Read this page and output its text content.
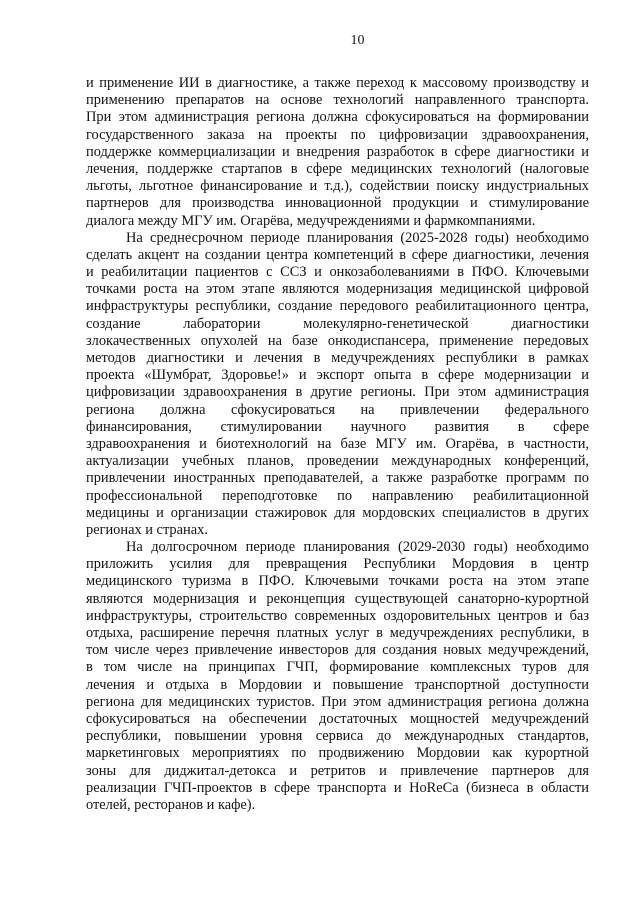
10
и применение ИИ в диагностике, а также переход к массовому производству и
применению препаратов на основе технологий направленного транспорта.
При этом администрация региона должна сфокусироваться на формировании
государственного заказа на проекты по цифровизации здравоохранения,
поддержке коммерциализации и внедрения разработок в сфере диагностики и
лечения, поддержке стартапов в сфере медицинских технологий (налоговые
льготы, льготное финансирование и т.д.), содействии поиску индустриальных
партнеров для производства инновационной продукции и стимулирование
диалога между МГУ им. Огарёва, медучреждениями и фармкомпаниями.
На среднесрочном периоде планирования (2025-2028 годы) необходимо
сделать акцент на создании центра компетенций в сфере диагностики, лечения
и реабилитации пациентов с ССЗ и онкозаболеваниями в ПФО. Ключевыми
точками роста на этом этапе являются модернизация медицинской цифровой
инфраструктуры республики, создание передового реабилитационного центра,
создание лаборатории молекулярно-генетической диагностики
злокачественных опухолей на базе онкодиспансера, применение передовых
методов диагностики и лечения в медучреждениях республики в рамках
проекта «Шумбрат, Здоровье!» и экспорт опыта в сфере модернизации и
цифровизации здравоохранения в другие регионы. При этом администрация
региона должна сфокусироваться на привлечении федерального
финансирования, стимулировании научного развития в сфере
здравоохранения и биотехнологий на базе МГУ им. Огарёва, в частности,
актуализации учебных планов, проведении международных конференций,
привлечении иностранных преподавателей, а также разработке программ по
профессиональной переподготовке по направлению реабилитационной
медицины и организации стажировок для мордовских специалистов в других
регионах и странах.
На долгосрочном периоде планирования (2029-2030 годы) необходимо
приложить усилия для превращения Республики Мордовия в центр
медицинского туризма в ПФО. Ключевыми точками роста на этом этапе
являются модернизация и реконцепция существующей санаторно-курортной
инфраструктуры, строительство современных оздоровительных центров и баз
отдыха, расширение перечня платных услуг в медучреждениях республики, в
том числе через привлечение инвесторов для создания новых медучреждений,
в том числе на принципах ГЧП, формирование комплексных туров для
лечения и отдыха в Мордовии и повышение транспортной доступности
региона для медицинских туристов. При этом администрация региона должна
сфокусироваться на обеспечении достаточных мощностей медучреждений
республики, повышении уровня сервиса до международных стандартов,
маркетинговых мероприятиях по продвижению Мордовии как курортной
зоны для диджитал-детокса и ретритов и привлечение партнеров для
реализации ГЧП-проектов в сфере транспорта и HoReCa (бизнеса в области
отелей, ресторанов и кафе).
